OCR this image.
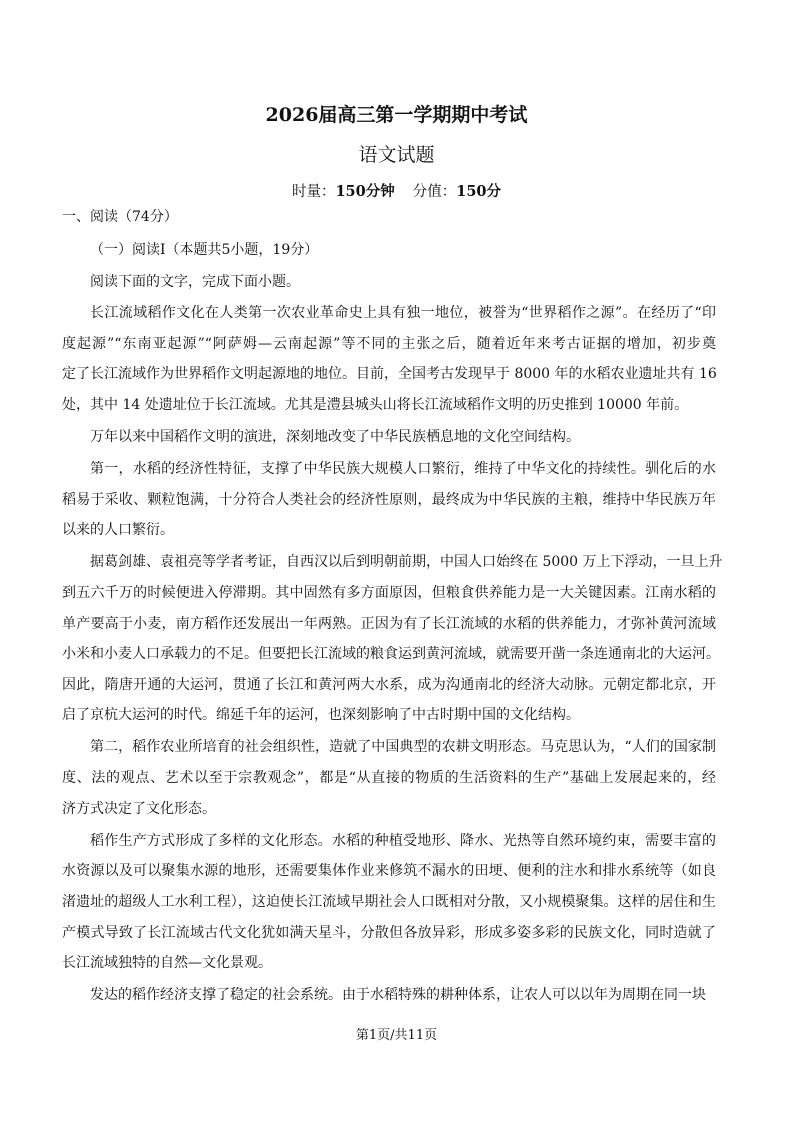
2026届高三第一学期期中考试
语文试题
时量：150分钟 分值：150分
一、阅读（74分）
（一）阅读I（本题共5小题，19分）
阅读下面的文字，完成下面小题。
长江流域稻作文化在人类第一次农业革命史上具有独一地位，被誉为“世界稻作之源”。在经历了“印
度起源”“东南亚起源”“阿萨姆—云南起源”等不同的主张之后，随着近年来考古证据的增加，初步奠
定了长江流域作为世界稻作文明起源地的地位。目前，全国考古发现早于 8000 年的水稻农业遗址共有 16
处，其中 14 处遗址位于长江流域。尤其是澧县城头山将长江流域稻作文明的历史推到 10000 年前。
万年以来中国稻作文明的演进，深刻地改变了中华民族栖息地的文化空间结构。
第一，水稻的经济性特征，支撑了中华民族大规模人口繁衍，维持了中华文化的持续性。驯化后的水
稻易于采收、颗粒饱满，十分符合人类社会的经济性原则，最终成为中华民族的主粮，维持中华民族万年
以来的人口繁衍。
据葛剑雄、袁祖亮等学者考证，自西汉以后到明朝前期，中国人口始终在 5000 万上下浮动，一旦上升
到五六千万的时候便进入停滞期。其中固然有多方面原因，但粮食供养能力是一大关键因素。江南水稻的
单产要高于小麦，南方稻作还发展出一年两熟。正因为有了长江流域的水稻的供养能力，才弥补黄河流域
小米和小麦人口承载力的不足。但要把长江流域的粮食运到黄河流域，就需要开凿一条连通南北的大运河。
因此，隋唐开通的大运河，贯通了长江和黄河两大水系，成为沟通南北的经济大动脉。元朝定都北京，开
启了京杭大运河的时代。绵延千年的运河，也深刻影响了中古时期中国的文化结构。
第二，稻作农业所培育的社会组织性，造就了中国典型的农耕文明形态。马克思认为，“人们的国家制
度、法的观点、艺术以至于宗教观念”，都是“从直接的物质的生活资料的生产”基础上发展起来的，经
济方式决定了文化形态。
稻作生产方式形成了多样的文化形态。水稻的种植受地形、降水、光热等自然环境约束，需要丰富的
水资源以及可以聚集水源的地形，还需要集体作业来修筑不漏水的田埂、便利的注水和排水系统等（如良
渚遗址的超级人工水利工程），这迫使长江流域早期社会人口既相对分散，又小规模聚集。这样的居住和生
产模式导致了长江流域古代文化犹如满天星斗，分散但各放异彩，形成多姿多彩的民族文化，同时造就了
长江流域独特的自然—文化景观。
发达的稻作经济支撑了稳定的社会系统。由于水稻特殊的耕种体系，让农人可以以年为周期在同一块
第1页/共11页
